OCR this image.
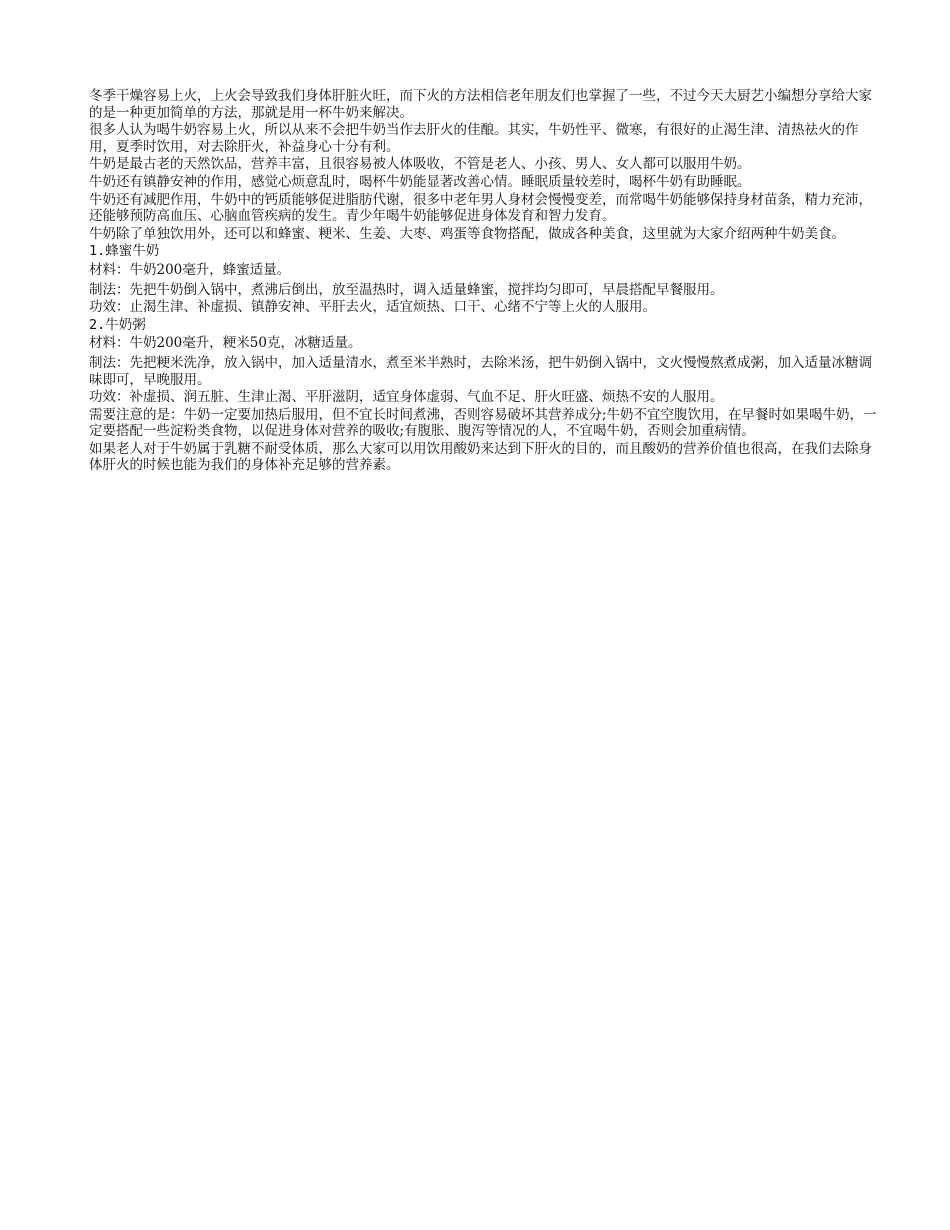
冬季干燥容易上火，上火会导致我们身体肝脏火旺，而下火的方法相信老年朋友们也掌握了一些，不过今天大厨艺小编想分享给大家的是一种更加简单的方法，那就是用一杯牛奶来解决。

很多人认为喝牛奶容易上火，所以从来不会把牛奶当作去肝火的佳酿。其实，牛奶性平、微寒，有很好的止渴生津、清热祛火的作用，夏季时饮用，对去除肝火，补益身心十分有利。

牛奶是最古老的天然饮品，营养丰富，且很容易被人体吸收，不管是老人、小孩、男人、女人都可以服用牛奶。

牛奶还有镇静安神的作用，感觉心烦意乱时，喝杯牛奶能显著改善心情。睡眠质量较差时，喝杯牛奶有助睡眠。

牛奶还有减肥作用，牛奶中的钙质能够促进脂肪代谢，很多中老年男人身材会慢慢变差，而常喝牛奶能够保持身材苗条，精力充沛，还能够预防高血压、心脑血管疾病的发生。青少年喝牛奶能够促进身体发育和智力发育。

牛奶除了单独饮用外，还可以和蜂蜜、粳米、生姜、大枣、鸡蛋等食物搭配，做成各种美食，这里就为大家介绍两种牛奶美食。

1.蜂蜜牛奶

材料：牛奶200毫升，蜂蜜适量。

制法：先把牛奶倒入锅中，煮沸后倒出，放至温热时，调入适量蜂蜜，搅拌均匀即可，早晨搭配早餐服用。

功效：止渴生津、补虚损、镇静安神、平肝去火，适宜烦热、口干、心绪不宁等上火的人服用。

2.牛奶粥

材料：牛奶200毫升，粳米50克，冰糖适量。

制法：先把粳米洗净，放入锅中，加入适量清水，煮至米半熟时，去除米汤，把牛奶倒入锅中，文火慢慢熬煮成粥，加入适量冰糖调味即可，早晚服用。

功效：补虚损、润五脏、生津止渴、平肝滋阴，适宜身体虚弱、气血不足、肝火旺盛、烦热不安的人服用。

需要注意的是：牛奶一定要加热后服用，但不宜长时间煮沸，否则容易破坏其营养成分;牛奶不宜空腹饮用，在早餐时如果喝牛奶，一定要搭配一些淀粉类食物，以促进身体对营养的吸收;有腹胀、腹泻等情况的人，不宜喝牛奶，否则会加重病情。

如果老人对于牛奶属于乳糖不耐受体质，那么大家可以用饮用酸奶来达到下肝火的目的，而且酸奶的营养价值也很高，在我们去除身体肝火的时候也能为我们的身体补充足够的营养素。
